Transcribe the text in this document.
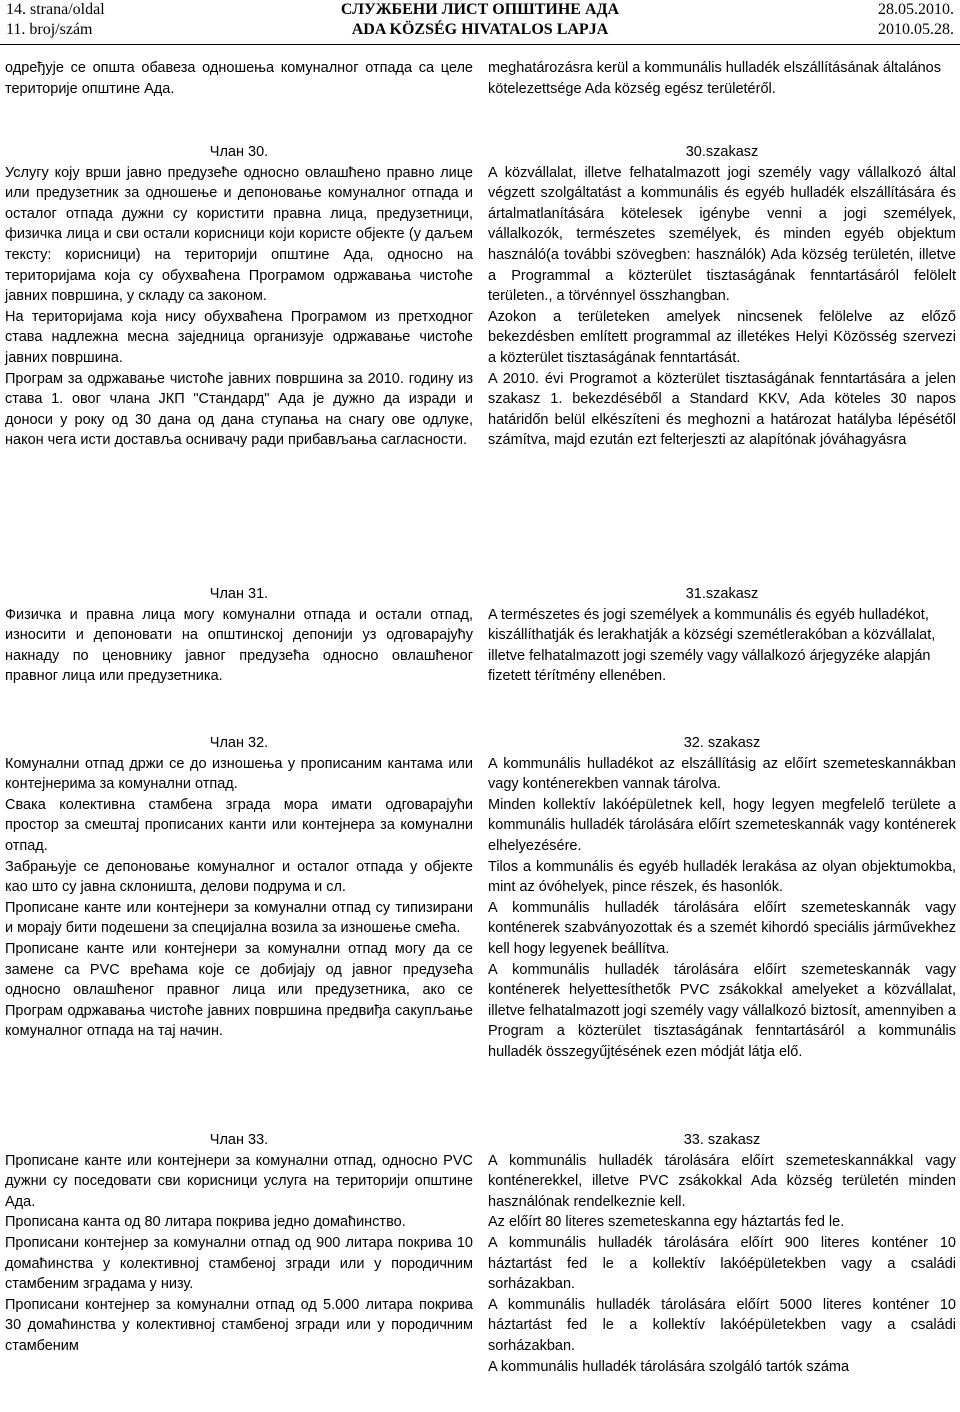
14. strana/oldal
11. broj/szám
СЛУЖБЕНИ ЛИСТ ОПШТИНЕ АДА
ADA KÖZSÉG HIVATALOS LAPJA
28.05.2010.
2010.05.28.

одређује се општа обавеза одношења комуналног отпада са целе територије општине Ада.

Члан 30.

Услугу коју врши јавно предузеће односно овлашћено правно лице или предузетник за одношење и депоновање комуналног отпада и осталог отпада дужни су користити правна лица, предузетници, физичка лица и сви остали корисници који користе објекте (у даљем тексту: корисници) на територији општине Ада, односно на територијама која су обухваћена Програмом одржавања чистоће јавних површина, у складу са законом.

На територијама која нису обухваћена Програмом из претходног става надлежна месна заједница организује одржавање чистоће јавних површина.

Програм за одржавање чистоће јавних површина за 2010. годину из става 1. овог члана ЈКП "Стандард" Ада је дужно да изради и доноси у року од 30 дана од дана ступања на снагу ове одлуке, након чега исти доставља оснивачу ради прибављања сагласности.

Члан 31.

Физичка и правна лица могу комунални отпада и остали отпад, износити и депоновати на општинској депонији уз одговарајућу накнаду по ценовнику јавног предузећа односно овлашћеног правног лица или предузетника.

Члан 32.

Комунални отпад држи се до изношења у прописаним кантама или контејнерима за комунални отпад.

Свака колективна стамбена зграда мора имати одговарајући простор за смештај прописаних канти или контејнера за комунални отпад.

Забрањује се депоновање комуналног и осталог отпада у објекте као што су јавна склоништа, делови подрума и сл.

Прописане канте или контејнери за комунални отпад су типизирани и морају бити подешени за специјална возила за изношење смећа.

Прописане канте или контејнери за комунални отпад могу да се замене са PVC врећама које се добијају од јавног предузећа односно овлашћеног правног лица или предузетника, ако се Програм одржавања чистоће јавних површина предвиђа сакупљање комуналног отпада на тај начин.

Члан 33.

Прописане канте или контејнери за комунални отпад, односно PVC дужни су поседовати сви корисници услуга на територији општине Ада.

Прописана канта од 80 литара покрива једно домаћинство.

Прописани контејнер за комунални отпад од 900 литара покрива 10 домаћинства у колективној стамбеној згради или у породичним стамбеним зградама у низу.

Прописани контејнер за комунални отпад од 5.000 литара покрива 30 домаћинства у колективној стамбеној згради или у породичним стамбеним

meghatározásra kerül a kommunális hulladék elszállításának általános kötelezettsége Ada község egész területéről.

30.szakasz

A közvállalat, illetve felhatalmazott jogi személy vagy vállalkozó által végzett szolgáltatást a kommunális és egyéb hulladék elszállítására és ártalmatlanítására kötelesek igénybe venni a jogi személyek, vállalkozók, természetes személyek, és minden egyéb objektum használó(a további szövegben: használók) Ada község területén, illetve a Programmal a közterület tisztaságának fenntartásáról felölelt területen., a törvénnyel összhangban.

Azokon a területeken amelyek nincsenek felölelve az előző bekezdésben említett programmal az illetékes Helyi Közösség szervezi a közterület tisztaságának fenntartását.

A 2010. évi Programot a közterület tisztaságának fenntartására a jelen szakasz 1. bekezdéséből a Standard KKV, Ada köteles 30 napos határidőn belül elkészíteni és meghozni a határozat hatályba lépésétől számítva, majd ezután ezt felterjeszti az alapítónak jóváhagyásra

31.szakasz

A természetes és jogi személyek a kommunális és egyéb hulladékot, kiszállíthatják és lerakhatják a községi szemétlerakóban a közvállalat, illetve felhatalmazott jogi személy vagy vállalkozó árjegyzéke alapján fizetett térítmény ellenében.

32. szakasz

A kommunális hulladékot az elszállításig az előírt szemeteskannákban vagy konténerekben vannak tárolva.

Minden kollektív lakóépületnek kell, hogy legyen megfelelő területe a kommunális hulladék tárolására előírt szemeteskannák vagy konténerek elhelyezésére.

Tilos a kommunális és egyéb hulladék lerakása az olyan objektumokba, mint az óvóhelyek, pince részek, és hasonlók.

A kommunális hulladék tárolására előírt szemeteskannák vagy konténerek szabványozottak és a szemét kihordó speciális járművekhez kell hogy legyenek beállítva.

A kommunális hulladék tárolására előírt szemeteskannák vagy konténerek helyettesíthetők PVC zsákokkal amelyeket a közvállalat, illetve felhatalmazott jogi személy vagy vállalkozó biztosít, amennyiben a Program a közterület tisztaságának fenntartásáról a kommunális hulladék összegyűjtésének ezen módját látja elő.

33. szakasz

A kommunális hulladék tárolására előírt szemeteskannákkal vagy konténerekkel, illetve PVC zsákokkal Ada község területén minden használónak rendelkeznie kell.

Az előírt 80 literes szemeteskanna egy háztartás fed le.

A kommunális hulladék tárolására előírt 900 literes konténer 10 háztartást fed le a kollektív lakóépületekben vagy a családi sorházakban.

A kommunális hulladék tárolására előírt 5000 literes konténer 10 háztartást fed le a kollektív lakóépületekben vagy a családi sorházakban.

A kommunális hulladék tárolására szolgáló tartók száma
